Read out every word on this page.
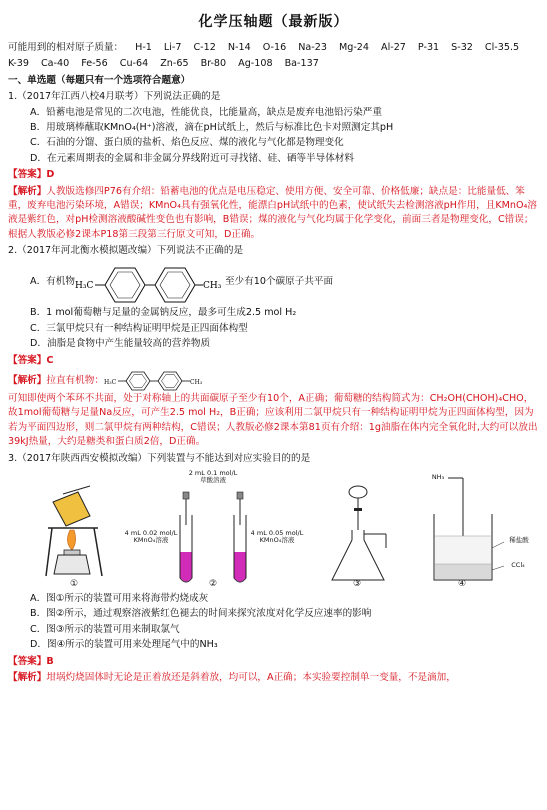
化学压轴题（最新版）
可能用到的相对原子质量： H-1 Li-7 C-12 N-14 O-16 Na-23 Mg-24 Al-27 P-31 S-32 Cl-35.5
K-39 Ca-40 Fe-56 Cu-64 Zn-65 Br-80 Ag-108 Ba-137
一、单选题（每题只有一个选项符合题意）
1.（2017年江西八校4月联考）下列说法正确的是
A．铅蓄电池是常见的二次电池，性能优良，比能量高，缺点是废弃电池铅污染严重
B．用玻璃棒蘸取KMnO₄(H⁺)溶液，滴在pH试纸上，然后与标准比色卡对照测定其pH
C．石油的分馏、蛋白质的盐析、焰色反应、煤的液化与气化都是物理变化
D．在元素周期表的金属和非金属分界线附近可寻找锗、硅、硒等半导体材料
【答案】D
【解析】人教版选修四P76有介绍：铅蓄电池的优点是电压稳定、使用方便、安全可靠、价格低廉；缺点是：比能量低、笨重，废弃电池污染环境，A错误；KMnO₄具有强氧化性，能漂白pH试纸中的色素，使试纸失去检测溶液pH作用，且KMnO₄溶液是紫红色，对pH检测溶液酸碱性变色也有影响，B错误；煤的液化与气化均属于化学变化，前面三者是物理变化，C错误；根据人教版必修2课本P18第三段第三行原文可知，D正确。
2.（2017年河北衡水模拟题改编）下列说法不正确的是
A．有机物 H₃C	CH₃ 至少有10个碳原子共平面
B．1 mol葡萄糖与足量的金属钠反应，最多可生成2.5 mol H₂
C．三氯甲烷只有一种结构证明甲烷是正四面体构型
D．油脂是食物中产生能量较高的营养物质
【答案】C
【解析】 拉直有机物： H₃C	CH₃
可知即使两个苯环不共面，处于对称轴上的共面碳原子至少有10个，A正确；葡萄糖的结构简式为：CH₂OH(CHOH)₄CHO，故1mol葡萄糖与足量Na反应，可产生2.5 mol H₂，B正确；应该利用二氯甲烷只有一种结构证明甲烷为正四面体构型，因为若为平面四边形，则二氯甲烷有两种结构，C错误；人教版必修2课本第81页有介绍：1g油脂在体内完全氧化时,大约可以放出39kJ热量，大约是糖类和蛋白质2倍，D正确。
3.（2017年陕西西安模拟改编）下列装置与不能达到对应实验目的的是
2 mL 0.1 mol/L
草酸溶液
4 mL 0.02 mol/L
KMnO₄溶液
4 mL 0.05 mol/L
KMnO₄溶液
NH₃
稀盐酸
CCl₄
①	②	③	④
A．图①所示的装置可用来将海带灼烧成灰
B．图②所示，通过观察溶液紫红色褪去的时间来探究浓度对化学反应速率的影响
C．图③所示的装置可用来制取氯气
D．图④所示的装置可用来处理尾气中的NH₃
【答案】B
【解析】坩埚灼烧固体时无论是正着放还是斜着放，均可以，A正确；本实验要控制单一变量，不是滴加，
